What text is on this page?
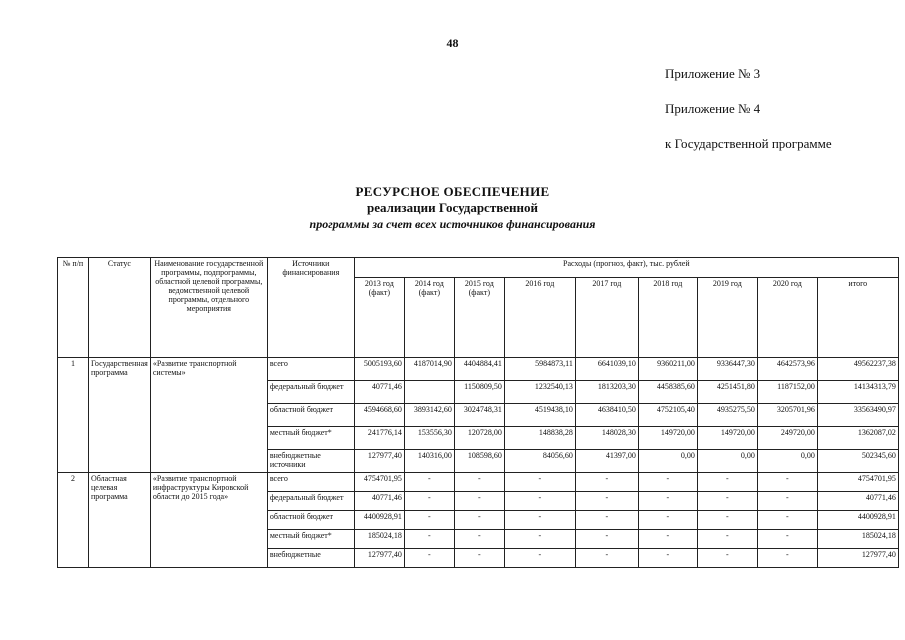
48
Приложение № 3
Приложение № 4
к Государственной программе
РЕСУРСНОЕ ОБЕСПЕЧЕНИЕ
реализации Государственной
программы за счет всех источников финансирования
№ п/п	Статус	Наименование государственной программы, подпрограммы, областной целевой программы, ведомственной целевой программы, отдельного мероприятия	Источники финансирования	Расходы (прогноз, факт), тыс. рублей								
				2013 год (факт)	2014 год (факт)	2015 год (факт)	2016 год	2017 год	2018 год	2019 год	2020 год	итого
1	Государственная программа	«Развитие транспортной системы»	всего	5005193,60	4187014,90	4404884,41	5984873,11	6641039,10	9360211,00	9336447,30	4642573,96	49562237,38
			федеральный бюджет	40771,46		1150809,50	1232540,13	1813203,30	4458385,60	4251451,80	1187152,00	14134313,79
			областной бюджет	4594668,60	3893142,60	3024748,31	4519438,10	4638410,50	4752105,40	4935275,50	3205701,96	33563490,97
			местный бюджет*	241776,14	153556,30	120728,00	148838,28	148028,30	149720,00	149720,00	249720,00	1362087,02
			внебюджетные источники	127977,40	140316,00	108598,60	84056,60	41397,00	0,00	0,00	0,00	502345,60
2	Областная целевая программа	«Развитие транспортной инфраструктуры Кировской области до 2015 года»	всего	4754701,95	-	-	-	-	-	-	-	4754701,95
			федеральный бюджет	40771,46	-	-	-	-	-	-	-	40771,46
			областной бюджет	4400928,91	-	-	-	-	-	-	-	4400928,91
			местный бюджет*	185024,18	-	-	-	-	-	-	-	185024,18
			внебюджетные	127977,40	-	-	-	-	-	-	-	127977,40
